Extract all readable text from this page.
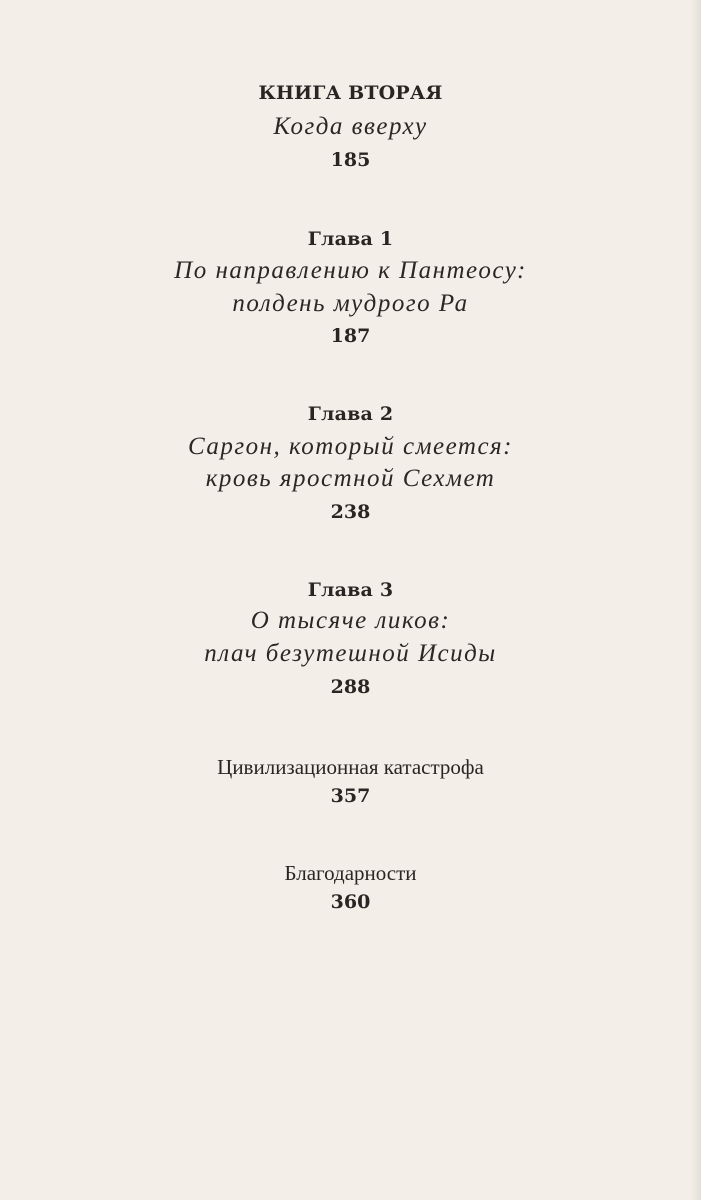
КНИГА ВТОРАЯ
Когда вверху
185
Глава 1
По направлению к Пантеосу:
полдень мудрого Ра
187
Глава 2
Саргон, который смеется:
кровь яростной Сехмет
238
Глава 3
О тысяче ликов:
плач безутешной Исиды
288
Цивилизационная катастрофа
357
Благодарности
360
